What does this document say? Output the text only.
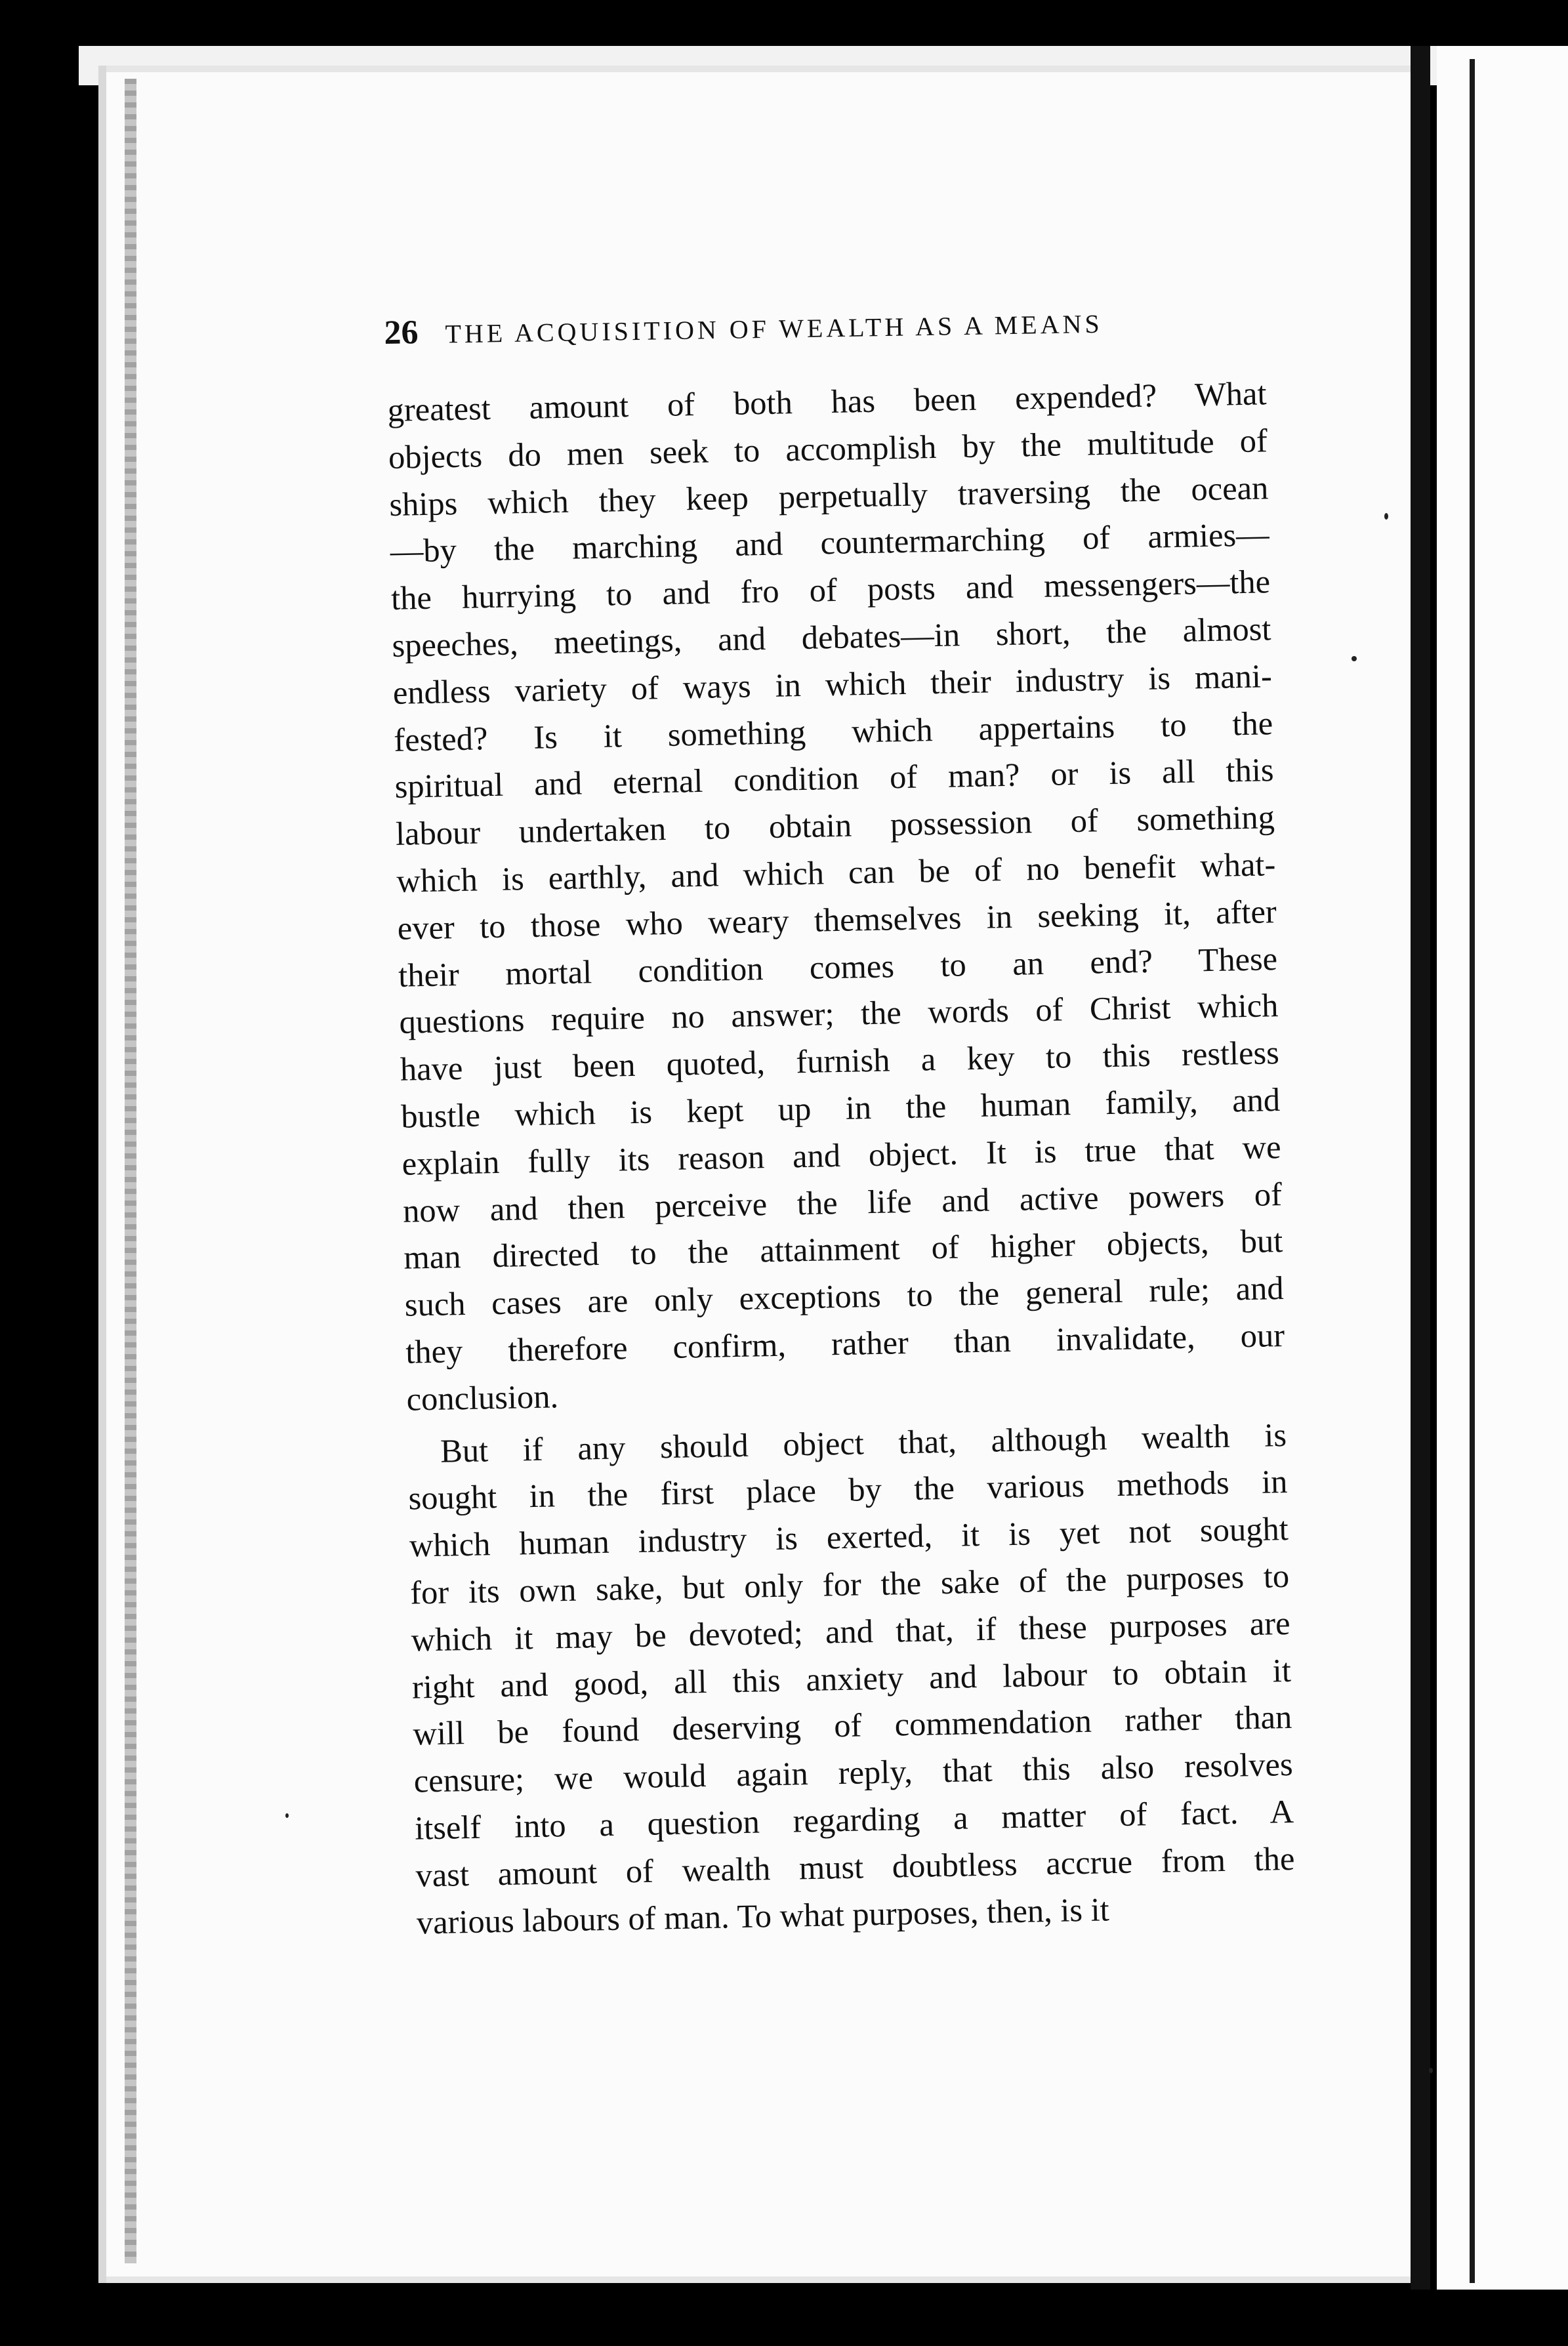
26 THE ACQUISITION OF WEALTH AS A MEANS
greatest amount of both has been expended? What
objects do men seek to accomplish by the multitude of
ships which they keep perpetually traversing the ocean
—by the marching and countermarching of armies—
the hurrying to and fro of posts and messengers—the
speeches, meetings, and debates—in short, the almost
endless variety of ways in which their industry is mani-
fested? Is it something which appertains to the
spiritual and eternal condition of man? or is all this
labour undertaken to obtain possession of something
which is earthly, and which can be of no benefit what-
ever to those who weary themselves in seeking it, after
their mortal condition comes to an end? These
questions require no answer; the words of Christ which
have just been quoted, furnish a key to this restless
bustle which is kept up in the human family, and
explain fully its reason and object. It is true that we
now and then perceive the life and active powers of
man directed to the attainment of higher objects, but
such cases are only exceptions to the general rule; and
they therefore confirm, rather than invalidate, our
conclusion.
But if any should object that, although wealth is
sought in the first place by the various methods in
which human industry is exerted, it is yet not sought
for its own sake, but only for the sake of the purposes to
which it may be devoted; and that, if these purposes are
right and good, all this anxiety and labour to obtain it
will be found deserving of commendation rather than
censure; we would again reply, that this also resolves
itself into a question regarding a matter of fact. A
vast amount of wealth must doubtless accrue from the
various labours of man. To what purposes, then, is it
